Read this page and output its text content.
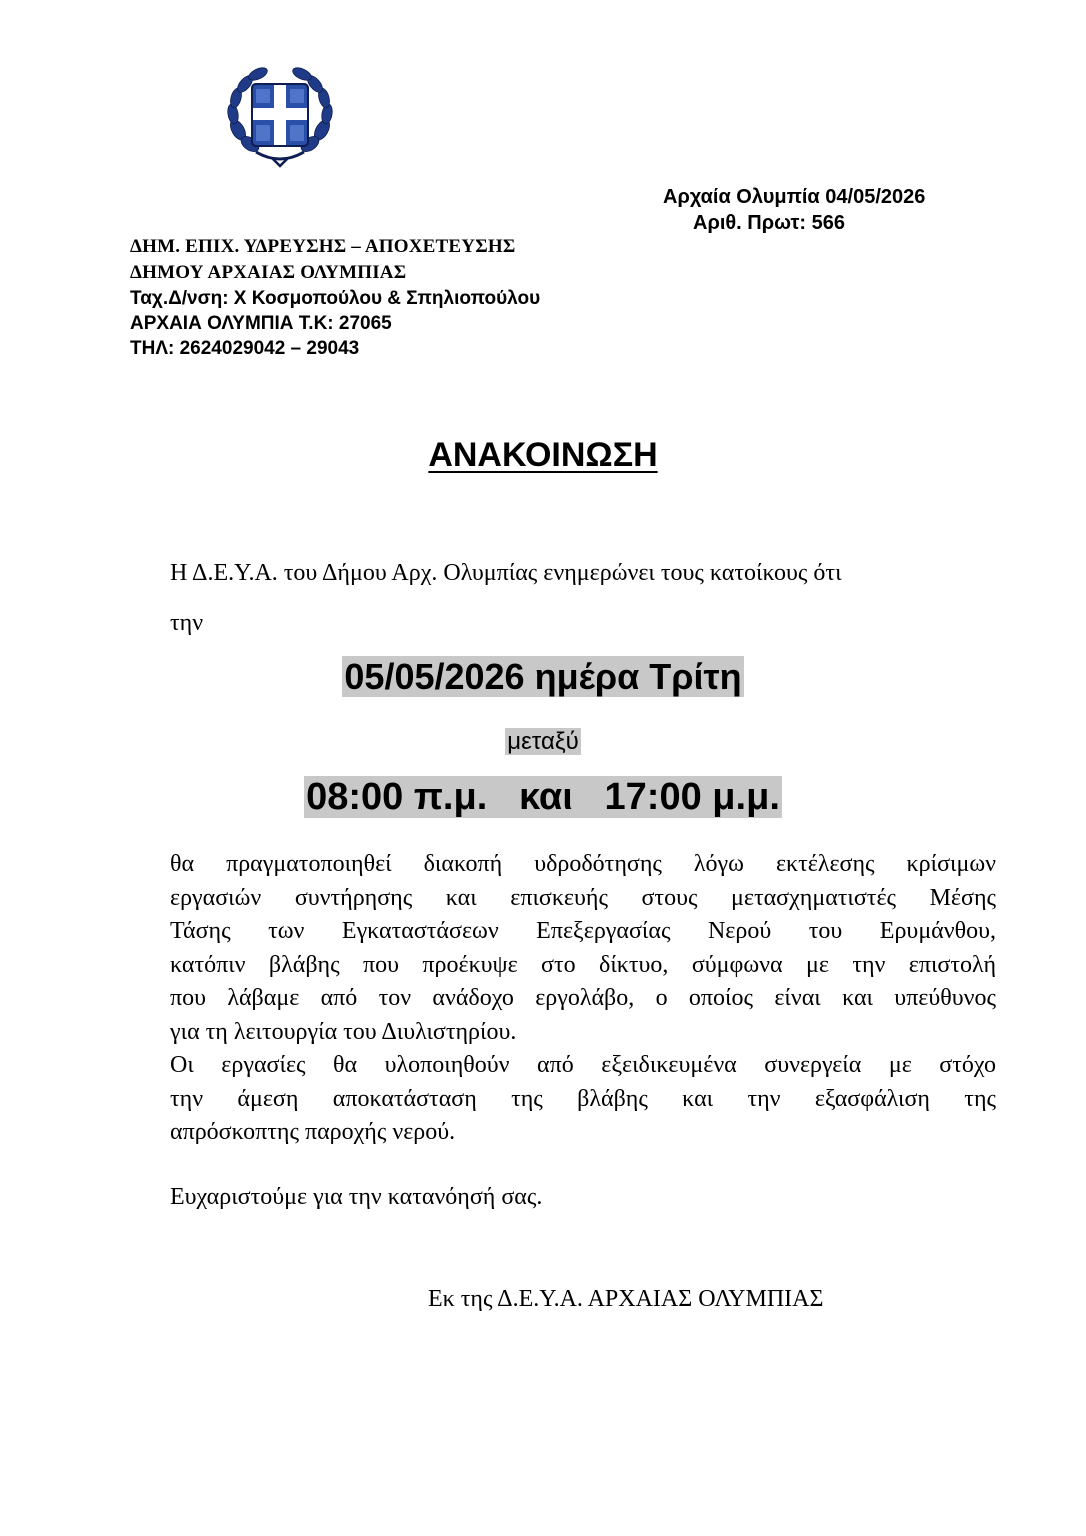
Αρχαία Ολυμπία 04/05/2026

Αριθ. Πρωτ: 566

ΔΗΜ. ΕΠΙΧ. ΥΔΡΕΥΣΗΣ – ΑΠΟΧΕΤΕΥΣΗΣ

ΔΗΜΟΥ ΑΡΧΑΙΑΣ ΟΛΥΜΠΙΑΣ

Ταχ.Δ/νση: Χ Κοσμοπούλου & Σπηλιοπούλου

ΑΡΧΑΙΑ ΟΛΥΜΠΙΑ Τ.Κ: 27065

ΤΗΛ: 2624029042 – 29043

ΑΝΑΚΟΙΝΩΣΗ

Η Δ.Ε.Υ.Α. του Δήμου Αρχ. Ολυμπίας ενημερώνει τους κατοίκους ότι

την

05/05/2026 ημέρα Τρίτη

μεταξύ

08:00 π.μ. και 17:00 μ.μ.

θα πραγματοποιηθεί διακοπή υδροδότησης λόγω εκτέλεσης κρίσιμων
εργασιών συντήρησης και επισκευής στους μετασχηματιστές Μέσης
Τάσης των Εγκαταστάσεων Επεξεργασίας Νερού του Ερυμάνθου,
κατόπιν βλάβης που προέκυψε στο δίκτυο, σύμφωνα με την επιστολή
που λάβαμε από τον ανάδοχο εργολάβο, ο οποίος είναι και υπεύθυνος
για τη λειτουργία του Διυλιστηρίου.
Οι εργασίες θα υλοποιηθούν από εξειδικευμένα συνεργεία με στόχο
την άμεση αποκατάσταση της βλάβης και την εξασφάλιση της
απρόσκοπτης παροχής νερού.

Ευχαριστούμε για την κατανόησή σας.

Εκ της Δ.Ε.Υ.Α. ΑΡΧΑΙΑΣ ΟΛΥΜΠΙΑΣ
